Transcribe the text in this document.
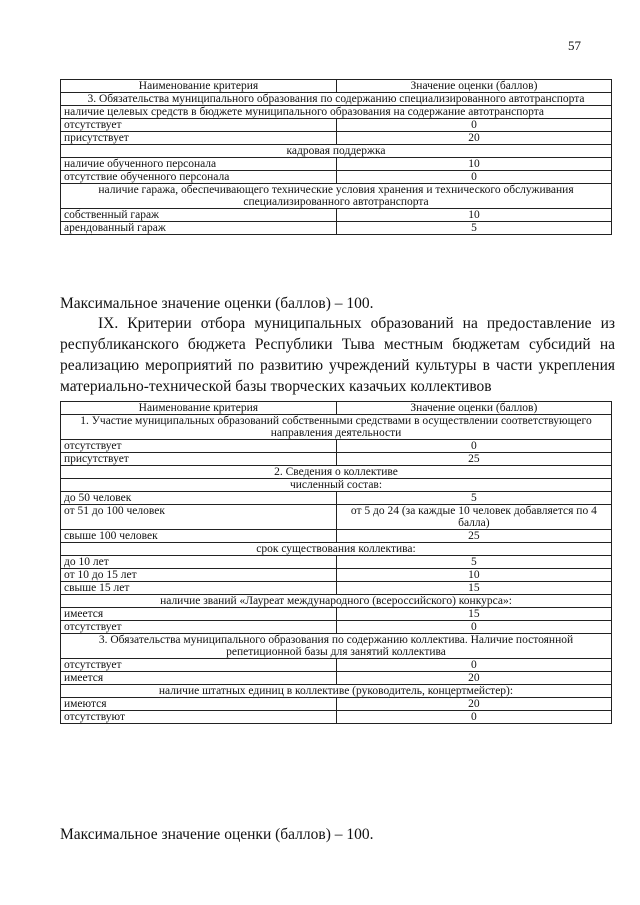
57
Наименование критерия	Значение оценки (баллов)
3. Обязательства муниципального образования по содержанию специализированного автотранспорта	
наличие целевых средств в бюджете муниципального образования на содержание автотранспорта	
отсутствует	0
присутствует	20
кадровая поддержка	
наличие обученного персонала	10
отсутствие обученного персонала	0
наличие гаража, обеспечивающего технические условия хранения и технического обслуживания специализированного автотранспорта	
собственный гараж	10
арендованный гараж	5

Максимальное значение оценки (баллов) – 100.

IX. Критерии отбора муниципальных образований на предоставление из республиканского бюджета Республики Тыва местным бюджетам субсидий на реализацию мероприятий по развитию учреждений культуры в части укрепления материально-технической базы творческих казачьих коллективов

Наименование критерия	Значение оценки (баллов)
1. Участие муниципальных образований собственными средствами в осуществлении соответствующего направления деятельности	
отсутствует	0
присутствует	25
2. Сведения о коллективе	
численный состав:	
до 50 человек	5
от 51 до 100 человек	от 5 до 24 (за каждые 10 человек добавляется по 4 балла)
свыше 100 человек	25
срок существования коллектива:	
до 10 лет	5
от 10 до 15 лет	10
свыше 15 лет	15
наличие званий «Лауреат международного (всероссийского) конкурса»:	
имеется	15
отсутствует	0
3. Обязательства муниципального образования по содержанию коллектива. Наличие постоянной репетиционной базы для занятий коллектива	
отсутствует	0
имеется	20
наличие штатных единиц в коллективе (руководитель, концертмейстер):	
имеются	20
отсутствуют	0

Максимальное значение оценки (баллов) – 100.
